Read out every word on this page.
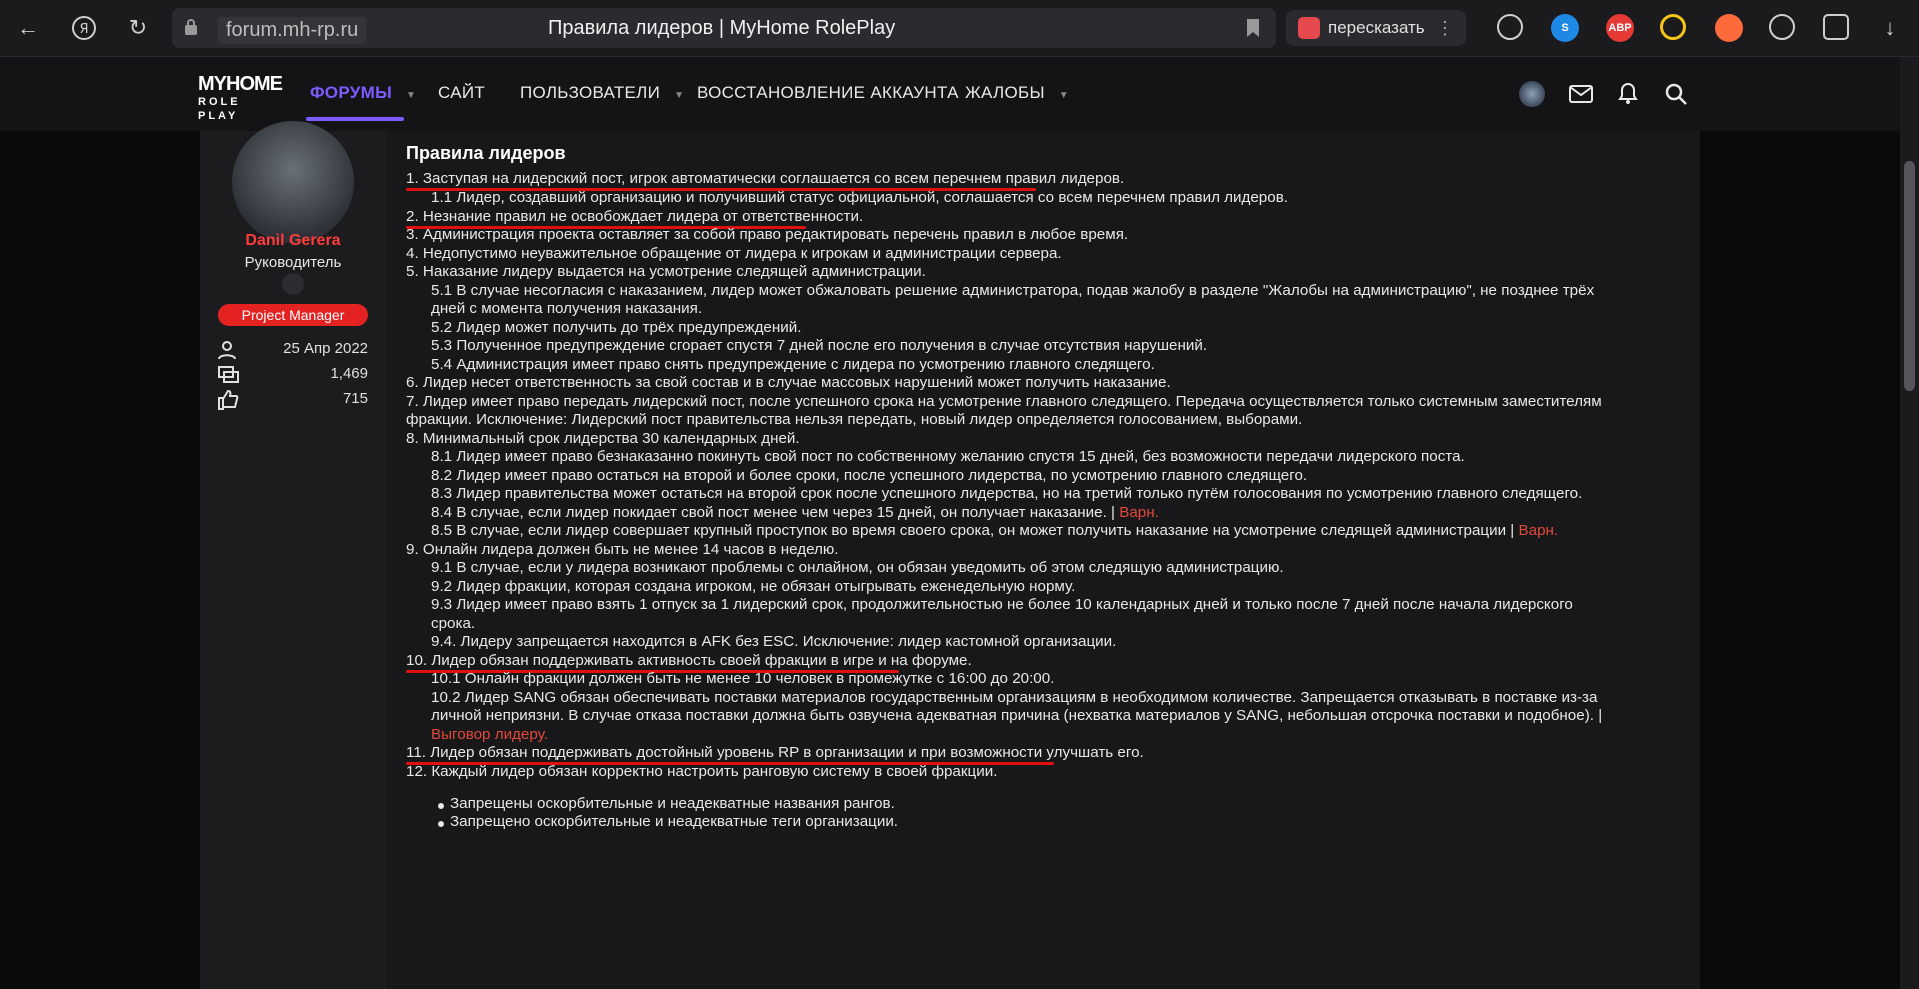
←	Я	↻	forum.mh-rp.ru	Правила лидеров | MyHome RolePlay	пересказать ⋮	S	ABP	↓
MYHOME
ROLE PLAY
ФОРУМЫ ▼ САЙТ ПОЛЬЗОВАТЕЛИ ▼ ВОССТАНОВЛЕНИЕ АККАУНТА ЖАЛОБЫ ▼
Danil Gerera
Руководитель
Project Manager
25 Апр 2022
1,469
715
Правила лидеров
1. Заступая на лидерский пост, игрок автоматически соглашается со всем перечнем правил лидеров.
1.1 Лидер, создавший организацию и получивший статус официальной, соглашается со всем перечнем правил лидеров.
2. Незнание правил не освобождает лидера от ответственности.
3. Администрация проекта оставляет за собой право редактировать перечень правил в любое время.
4. Недопустимо неуважительное обращение от лидера к игрокам и администрации сервера.
5. Наказание лидеру выдается на усмотрение следящей администрации.
5.1 В случае несогласия с наказанием, лидер может обжаловать решение администратора, подав жалобу в разделе "Жалобы на администрацию", не позднее трёх
дней с момента получения наказания.
5.2 Лидер может получить до трёх предупреждений.
5.3 Полученное предупреждение сгорает спустя 7 дней после его получения в случае отсутствия нарушений.
5.4 Администрация имеет право снять предупреждение с лидера по усмотрению главного следящего.
6. Лидер несет ответственность за свой состав и в случае массовых нарушений может получить наказание.
7. Лидер имеет право передать лидерский пост, после успешного срока на усмотрение главного следящего. Передача осуществляется только системным заместителям
фракции. Исключение: Лидерский пост правительства нельзя передать, новый лидер определяется голосованием, выборами.
8. Минимальный срок лидерства 30 календарных дней.
8.1 Лидер имеет право безнаказанно покинуть свой пост по собственному желанию спустя 15 дней, без возможности передачи лидерского поста.
8.2 Лидер имеет право остаться на второй и более сроки, после успешного лидерства, по усмотрению главного следящего.
8.3 Лидер правительства может остаться на второй срок после успешного лидерства, но на третий только путём голосования по усмотрению главного следящего.
8.4 В случае, если лидер покидает свой пост менее чем через 15 дней, он получает наказание. | Варн.
8.5 В случае, если лидер совершает крупный проступок во время своего срока, он может получить наказание на усмотрение следящей администрации | Варн.
9. Онлайн лидера должен быть не менее 14 часов в неделю.
9.1 В случае, если у лидера возникают проблемы с онлайном, он обязан уведомить об этом следящую администрацию.
9.2 Лидер фракции, которая создана игроком, не обязан отыгрывать еженедельную норму.
9.3 Лидер имеет право взять 1 отпуск за 1 лидерский срок, продолжительностью не более 10 календарных дней и только после 7 дней после начала лидерского
срока.
9.4. Лидеру запрещается находится в AFK без ESC. Исключение: лидер кастомной организации.
10. Лидер обязан поддерживать активность своей фракции в игре и на форуме.
10.1 Онлайн фракции должен быть не менее 10 человек в промежутке с 16:00 до 20:00.
10.2 Лидер SANG обязан обеспечивать поставки материалов государственным организациям в необходимом количестве. Запрещается отказывать в поставке из-за
личной неприязни. В случае отказа поставки должна быть озвучена адекватная причина (нехватка материалов у SANG, небольшая отсрочка поставки и подобное). |
Выговор лидеру.
11. Лидер обязан поддерживать достойный уровень RP в организации и при возможности улучшать его.
12. Каждый лидер обязан корректно настроить ранговую систему в своей фракции.
Запрещены оскорбительные и неадекватные названия рангов.
Запрещено оскорбительные и неадекватные теги организации.
